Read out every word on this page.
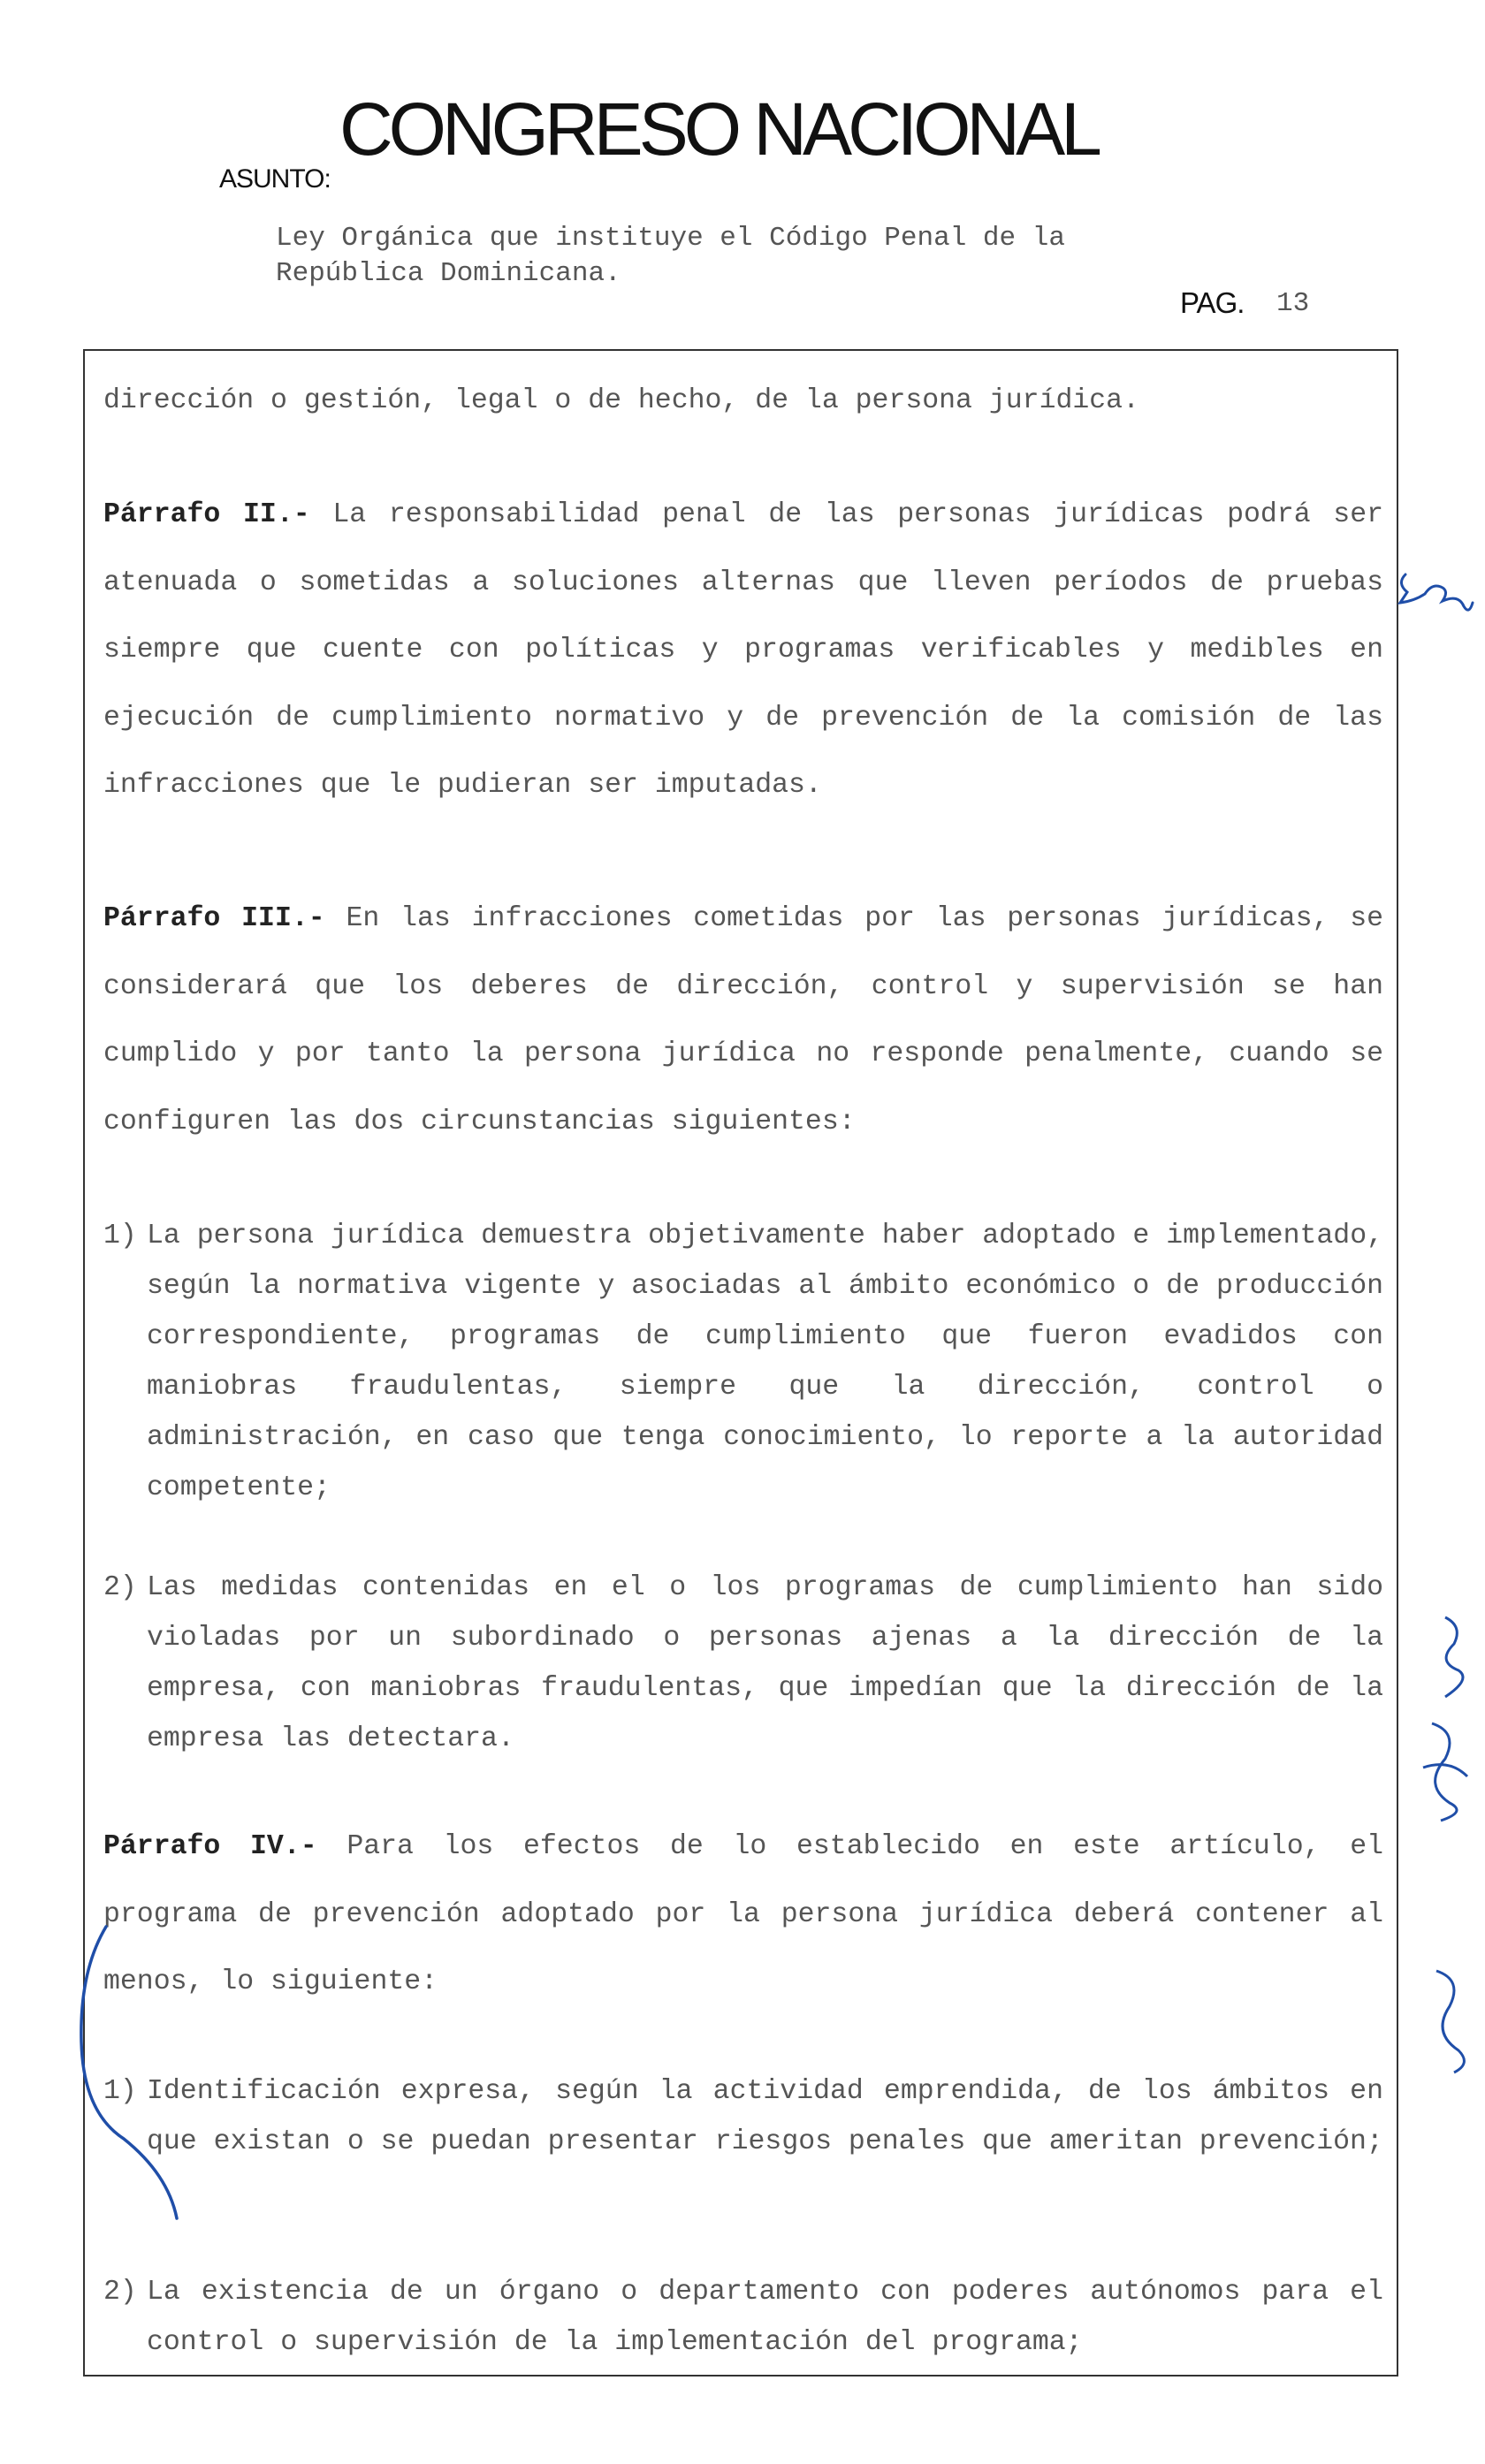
CONGRESO NACIONAL
ASUNTO:
Ley Orgánica que instituye el Código Penal de la
República Dominicana.
PAG. 13

dirección o gestión, legal o de hecho, de la persona jurídica.

Párrafo II.- La responsabilidad penal de las personas jurídicas podrá ser atenuada o sometidas a soluciones alternas que lleven períodos de pruebas siempre que cuente con políticas y programas verificables y medibles en ejecución de cumplimiento normativo y de prevención de la comisión de las infracciones que le pudieran ser imputadas.

Párrafo III.- En las infracciones cometidas por las personas jurídicas, se considerará que los deberes de dirección, control y supervisión se han cumplido y por tanto la persona jurídica no responde penalmente, cuando se configuren las dos circunstancias siguientes:

1) La persona jurídica demuestra objetivamente haber adoptado e implementado, según la normativa vigente y asociadas al ámbito económico o de producción correspondiente, programas de cumplimiento que fueron evadidos con maniobras fraudulentas, siempre que la dirección, control o administración, en caso que tenga conocimiento, lo reporte a la autoridad competente;

2) Las medidas contenidas en el o los programas de cumplimiento han sido violadas por un subordinado o personas ajenas a la dirección de la empresa, con maniobras fraudulentas, que impedían que la dirección de la empresa las detectara.

Párrafo IV.- Para los efectos de lo establecido en este artículo, el programa de prevención adoptado por la persona jurídica deberá contener al menos, lo siguiente:

1) Identificación expresa, según la actividad emprendida, de los ámbitos en que existan o se puedan presentar riesgos penales que ameritan prevención;

2) La existencia de un órgano o departamento con poderes autónomos para el control o supervisión de la implementación del programa;
